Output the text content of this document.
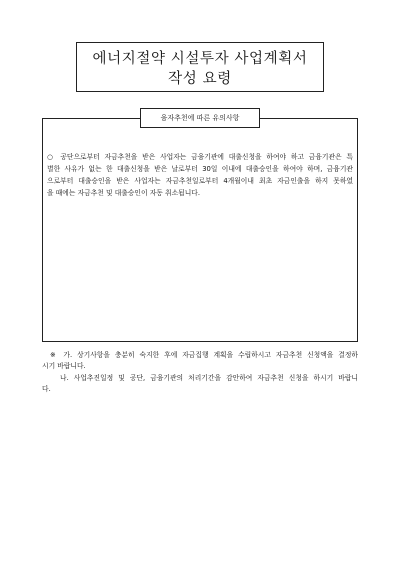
에너지절약 시설투자 사업계획서
작성 요령
융자추천에 따른 유의사항
○ 공단으로부터 자금추천을 받은 사업자는 금융기관에 대출신청을 하여야 하고 금융기관은 특
별한 사유가 없는 한 대출신청을 받은 날로부터 30일 이내에 대출승인을 하여야 하며, 금융기관
으로부터 대출승인을 받은 사업자는 자금추천일로부터 4개월이내 최초 자금인출을 하지 못하였
을 때에는 자금추천 및 대출승인이 자동 취소됩니다.
※ 가. 상기사항을 충분히 숙지한 후에 자금집행 계획을 수립하시고 자금추천 신청액을 결정하
시기 바랍니다.
나. 사업추진일정 및 공단, 금융기관의 처리기간을 감안하여 자금추천 신청을 하시기 바랍니
다.
